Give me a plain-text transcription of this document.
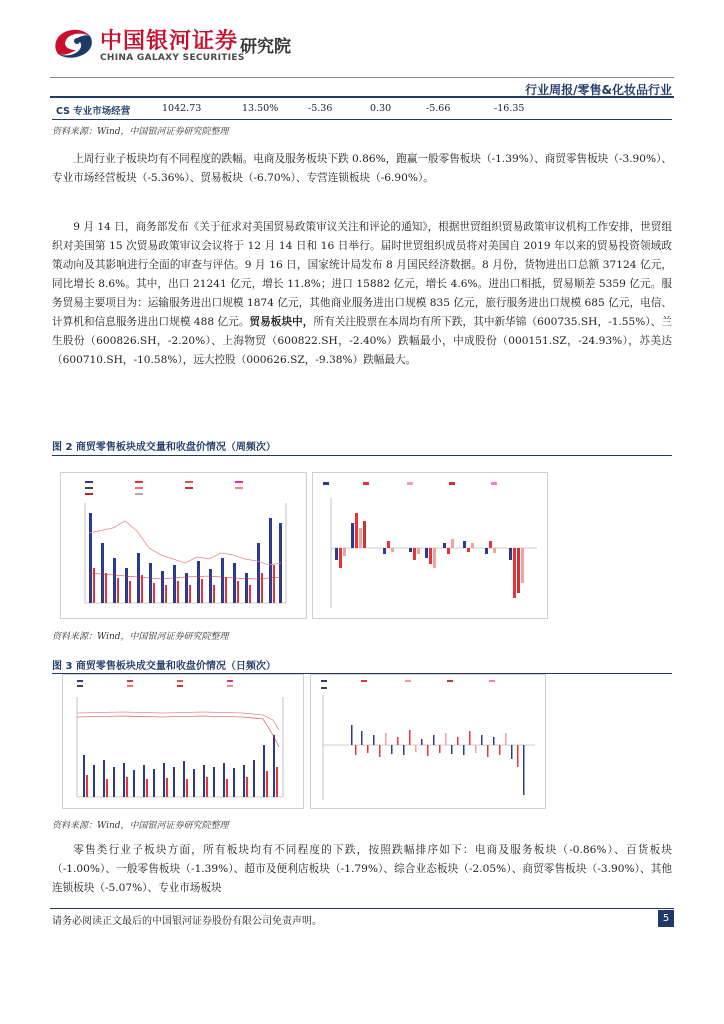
中国银河证券
CHINA GALAXY SECURITIES
研究院
行业周报/零售&化妆品行业
CS 专业市场经营	1042.73	13.50%	-5.36	0.30	-5.66	-16.35
资料来源：Wind，中国银河证券研究院整理

上周行业子板块均有不同程度的跌幅。电商及服务板块下跌 0.86%，跑赢一般零售板块（-1.39%）、商贸零售板块（-3.90%）、专业市场经营板块（-5.36%）、贸易板块（-6.70%）、专营连锁板块（-6.90%）。

9 月 14 日，商务部发布《关于征求对美国贸易政策审议关注和评论的通知》，根据世贸组织贸易政策审议机构工作安排，世贸组织对美国第 15 次贸易政策审议会议将于 12 月 14 日和 16 日举行。届时世贸组织成员将对美国自 2019 年以来的贸易投资领域政策动向及其影响进行全面的审查与评估。9 月 16 日，国家统计局发布 8 月国民经济数据。8 月份，货物进出口总额 37124 亿元，同比增长 8.6%。其中，出口 21241 亿元，增长 11.8%；进口 15882 亿元，增长 4.6%。进出口相抵，贸易顺差 5359 亿元。服务贸易主要项目为：运输服务进出口规模 1874 亿元，其他商业服务进出口规模 835 亿元，旅行服务进出口规模 685 亿元，电信、计算机和信息服务进出口规模 488 亿元。贸易板块中，所有关注股票在本周均有所下跌，其中新华锦（600735.SH，-1.55%）、兰生股份（600826.SH，-2.20%）、上海物贸（600822.SH，-2.40%）跌幅最小，中成股份（000151.SZ，-24.93%），苏美达（600710.SH，-10.58%），远大控股（000626.SZ，-9.38%）跌幅最大。

图 2 商贸零售板块成交量和收盘价情况（周频次）
资料来源：Wind，中国银河证券研究院整理
图 3 商贸零售板块成交量和收盘价情况（日频次）
资料来源：Wind，中国银河证券研究院整理

零售类行业子板块方面，所有板块均有不同程度的下跌，按照跌幅排序如下：电商及服务板块（-0.86%）、百货板块（-1.00%）、一般零售板块（-1.39%）、超市及便利店板块（-1.79%）、综合业态板块（-2.05%）、商贸零售板块（-3.90%）、其他连锁板块（-5.07%）、专业市场板块

请务必阅读正文最后的中国银河证券股份有限公司免责声明。	5
